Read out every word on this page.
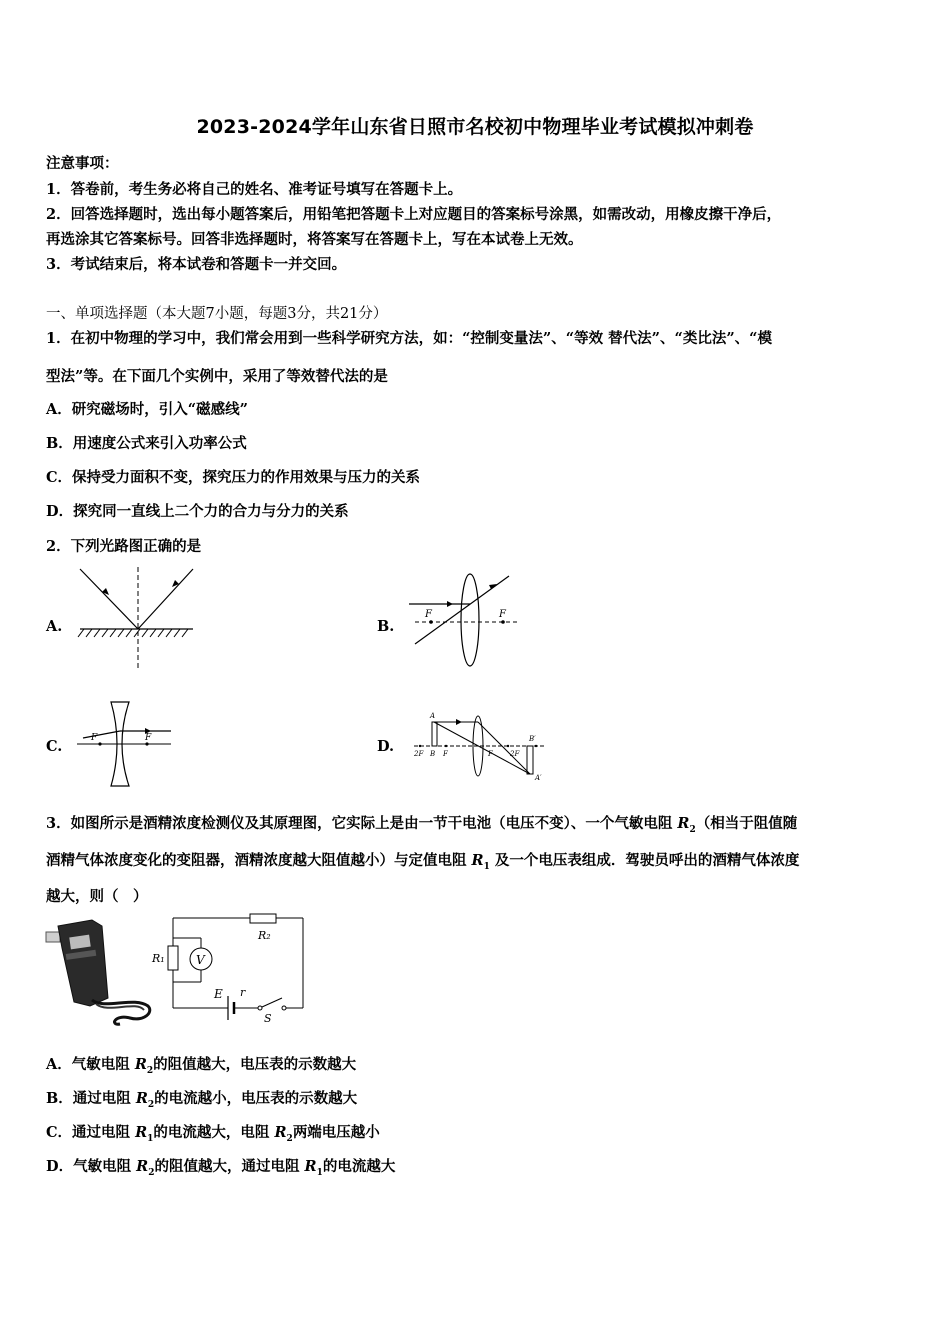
2023-2024学年山东省日照市名校初中物理毕业考试模拟冲刺卷
注意事项：
1．答卷前，考生务必将自己的姓名、准考证号填写在答题卡上。
2．回答选择题时，选出每小题答案后，用铅笔把答题卡上对应题目的答案标号涂黑，如需改动，用橡皮擦干净后，
再选涂其它答案标号。回答非选择题时，将答案写在答题卡上，写在本试卷上无效。
3．考试结束后，将本试卷和答题卡一并交回。
一、单项选择题（本大题7小题，每题3分，共21分）
1．在初中物理的学习中，我们常会用到一些科学研究方法，如：“控制变量法”、“等效 替代法”、“类比法”、“模
型法”等。在下面几个实例中，采用了等效替代法的是
A．研究磁场时，引入“磁感线”
B．用速度公式来引入功率公式
C．保持受力面积不变，探究压力的作用效果与压力的关系
D．探究同一直线上二个力的合力与分力的关系
2．下列光路图正确的是
A.	B.
C.	D.
F	F
F	F
A
2F B F	F 2F
B′
A′
3．如图所示是酒精浓度检测仪及其原理图，它实际上是由一节干电池（电压不变）、一个气敏电阻 $R_2$（相当于阻值随
酒精气体浓度变化的变阻器，酒精浓度越大阻值越小）与定值电阻 $R_1$ 及一个电压表组成．驾驶员呼出的酒精气体浓度
越大，则（　）
R₂
R₁	V
E r
S
A．气敏电阻 $R_2$的阻值越大，电压表的示数越大
B．通过电阻 $R_2$的电流越小，电压表的示数越大
C．通过电阻 $R_1$的电流越大，电阻 $R_2$两端电压越小
D．气敏电阻 $R_2$的阻值越大，通过电阻 $R_1$的电流越大
